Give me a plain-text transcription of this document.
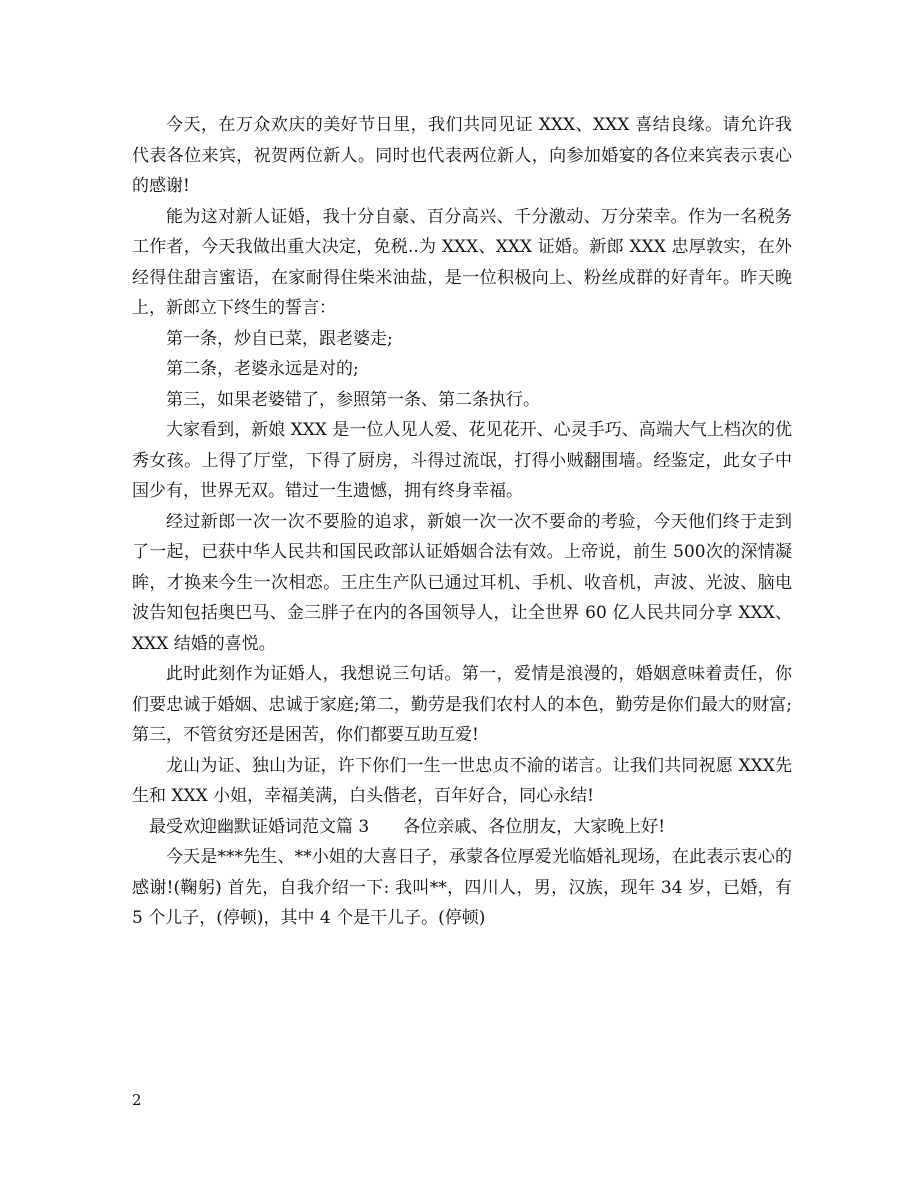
今天，在万众欢庆的美好节日里，我们共同见证 XXX、XXX 喜结良缘。请允许我代表各位来宾，祝贺两位新人。同时也代表两位新人，向参加婚宴的各位来宾表示衷心的感谢!

能为这对新人证婚，我十分自豪、百分高兴、千分激动、万分荣幸。作为一名税务工作者，今天我做出重大决定，免税..为 XXX、XXX 证婚。新郎 XXX 忠厚敦实，在外经得住甜言蜜语，在家耐得住柴米油盐，是一位积极向上、粉丝成群的好青年。昨天晚上，新郎立下终生的誓言：

第一条，炒自已菜，跟老婆走;

第二条，老婆永远是对的;

第三，如果老婆错了，参照第一条、第二条执行。

大家看到，新娘 XXX 是一位人见人爱、花见花开、心灵手巧、高端大气上档次的优秀女孩。上得了厅堂，下得了厨房，斗得过流氓，打得小贼翻围墙。经鉴定，此女子中国少有，世界无双。错过一生遗憾，拥有终身幸福。

经过新郎一次一次不要脸的追求，新娘一次一次不要命的考验，今天他们终于走到了一起，已获中华人民共和国民政部认证婚姻合法有效。上帝说，前生 500次的深情凝眸，才换来今生一次相恋。王庄生产队已通过耳机、手机、收音机，声波、光波、脑电波告知包括奥巴马、金三胖子在内的各国领导人，让全世界 60 亿人民共同分享 XXX、XXX 结婚的喜悦。

此时此刻作为证婚人，我想说三句话。第一，爱情是浪漫的，婚姻意味着责任，你们要忠诚于婚姻、忠诚于家庭;第二，勤劳是我们农村人的本色，勤劳是你们最大的财富;第三，不管贫穷还是困苦，你们都要互助互爱!

龙山为证、独山为证，许下你们一生一世忠贞不渝的诺言。让我们共同祝愿 XXX先生和 XXX 小姐，幸福美满，白头偕老，百年好合，同心永结!

最受欢迎幽默证婚词范文篇 3　　各位亲戚、各位朋友，大家晚上好!

今天是***先生、**小姐的大喜日子，承蒙各位厚爱光临婚礼现场，在此表示衷心的感谢!(鞠躬) 首先，自我介绍一下: 我叫**，四川人，男，汉族，现年 34 岁，已婚，有 5 个儿子，(停顿)，其中 4 个是干儿子。(停顿)

2
